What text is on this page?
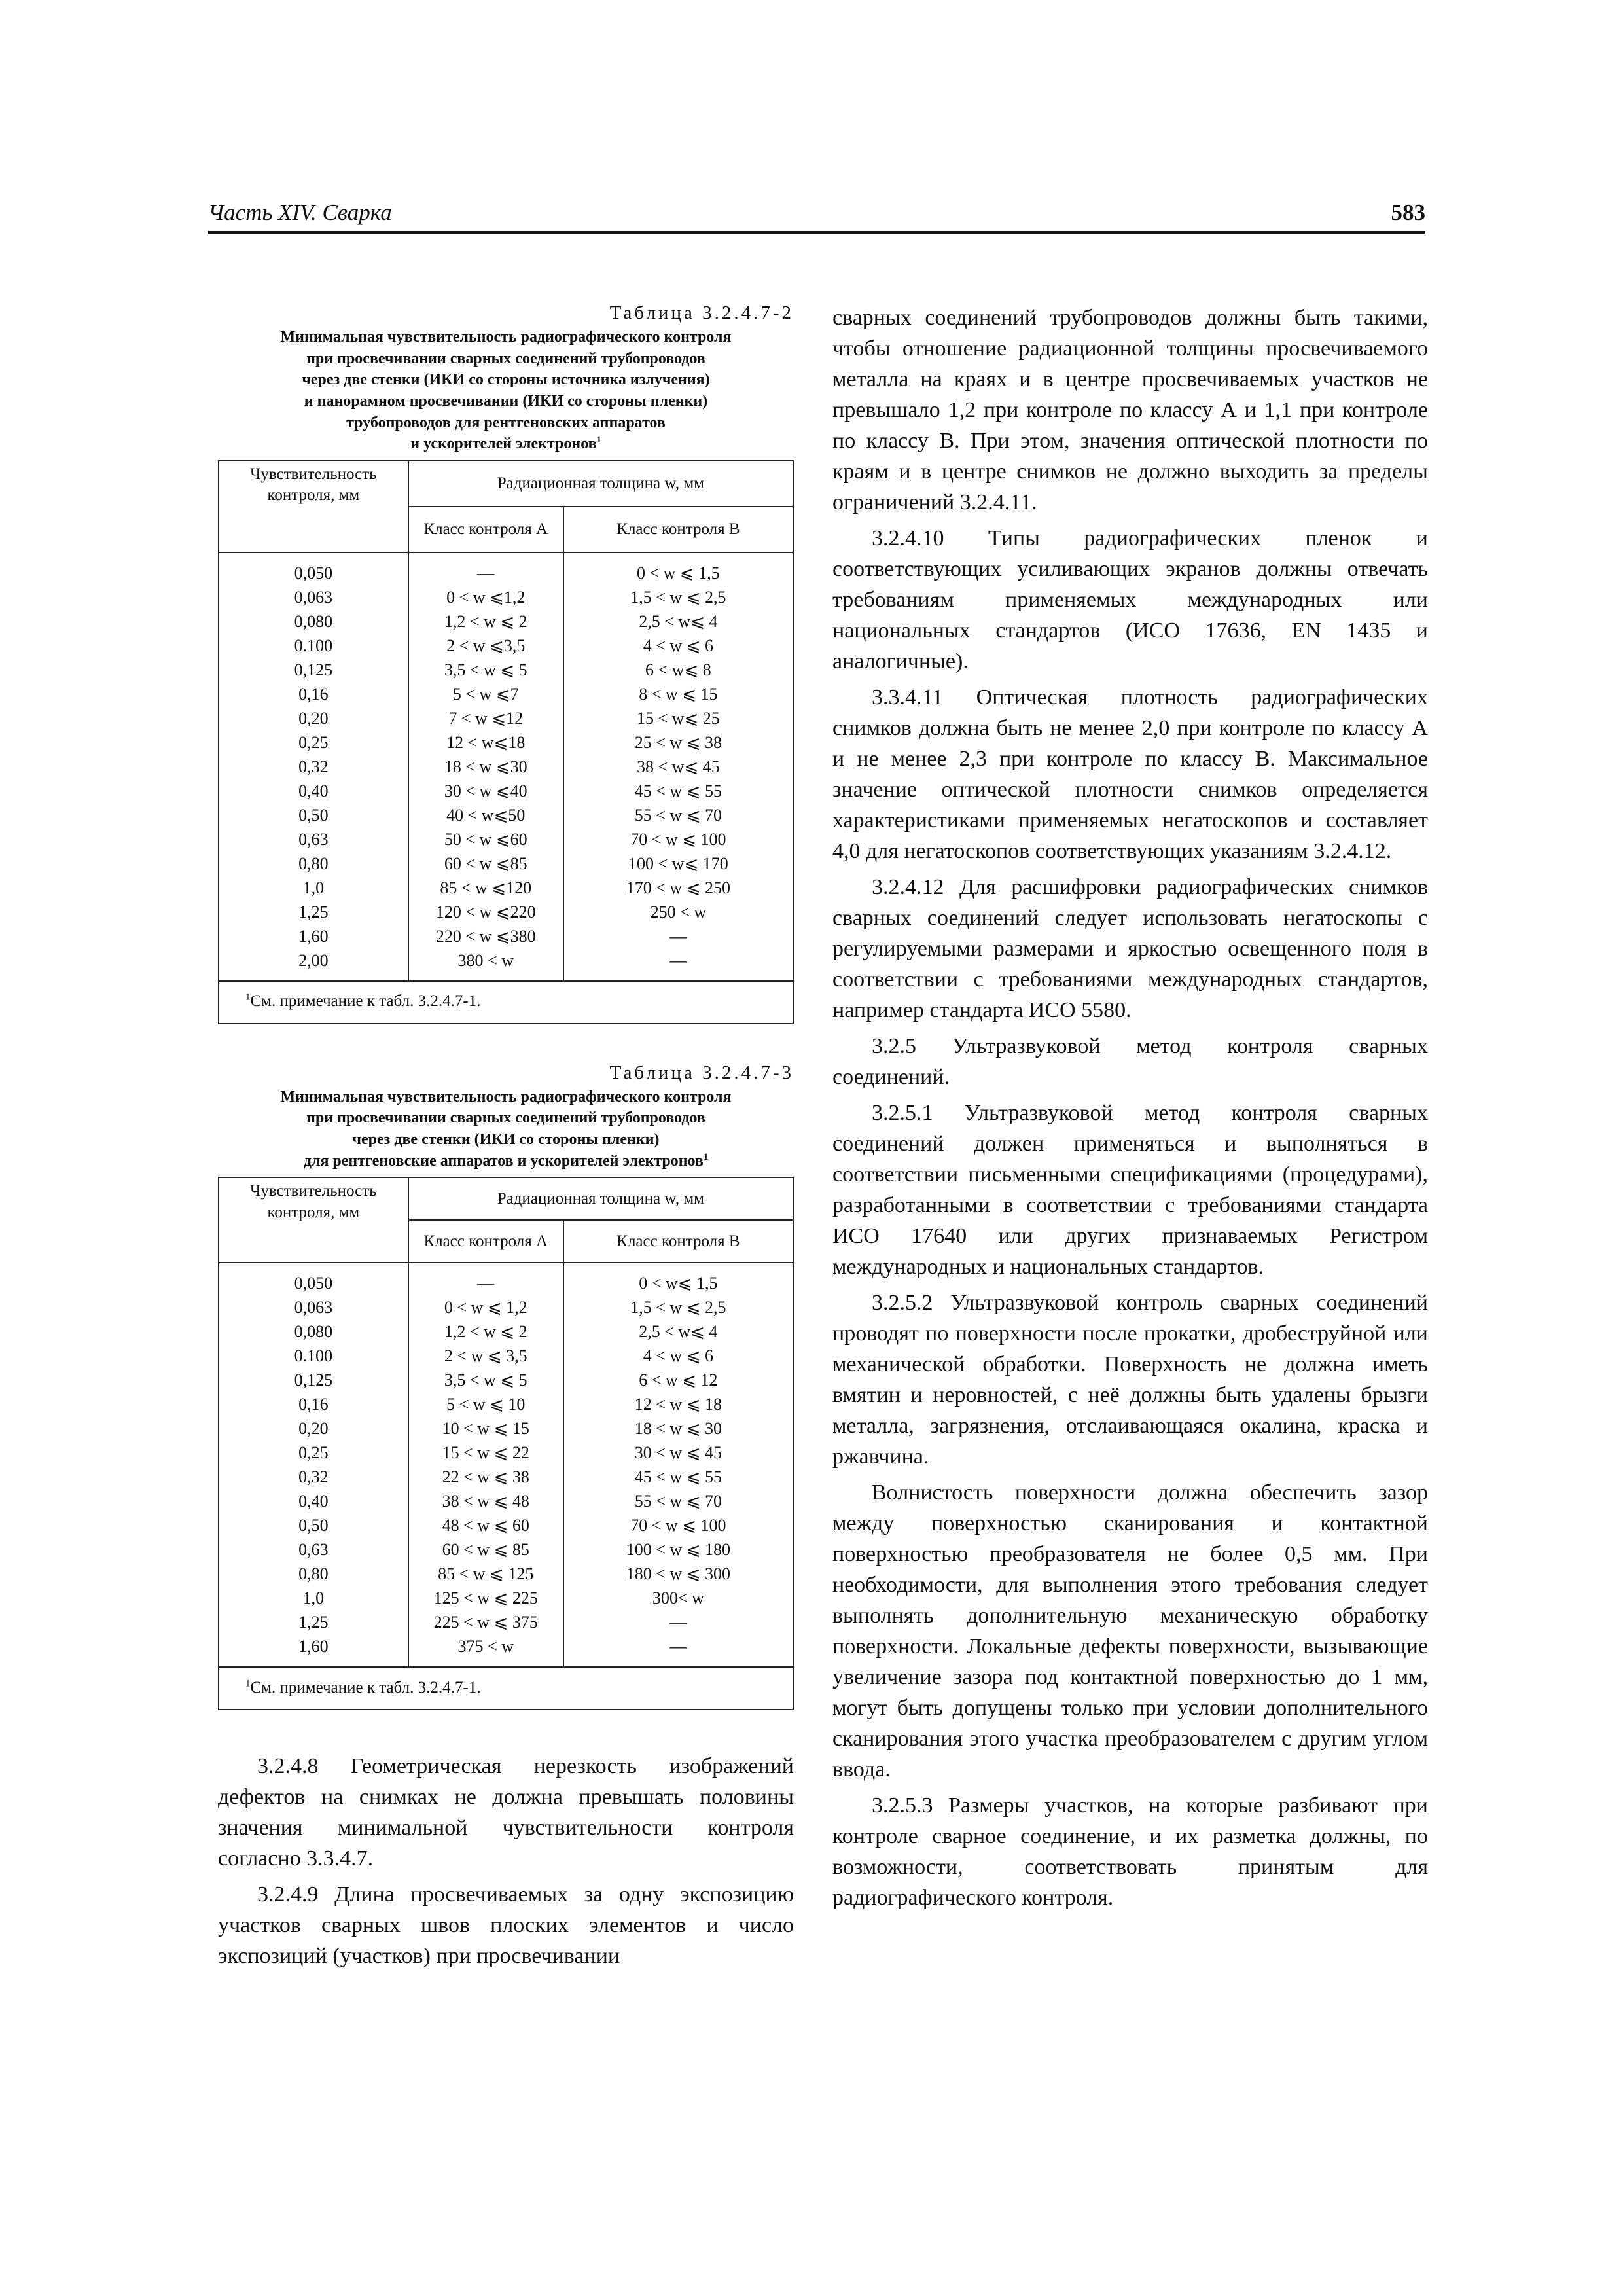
Часть XIV. Сварка	583
Таблица 3.2.4.7-2
Минимальная чувствительность радиографического контроля
при просвечивании сварных соединений трубопроводов
через две стенки (ИКИ со стороны источника излучения)
и панорамном просвечивании (ИКИ со стороны пленки)
трубопроводов для рентгеновских аппаратов
и ускорителей электронов$^1$
Чувствительность контроля, мм	Радиационная толщина w, мм	
	Класс контроля А	Класс контроля В
0,050	—	0 < w ⩽ 1,5
0,063	0 < w ⩽1,2	1,5 < w ⩽ 2,5
0,080	1,2 < w ⩽ 2	2,5 < w⩽ 4
0.100	2 < w ⩽3,5	4 < w ⩽ 6
0,125	3,5 < w ⩽ 5	6 < w⩽ 8
0,16	5 < w ⩽7	8 < w ⩽ 15
0,20	7 < w ⩽12	15 < w⩽ 25
0,25	12 < w⩽18	25 < w ⩽ 38
0,32	18 < w ⩽30	38 < w⩽ 45
0,40	30 < w ⩽40	45 < w ⩽ 55
0,50	40 < w⩽50	55 < w ⩽ 70
0,63	50 < w ⩽60	70 < w ⩽ 100
0,80	60 < w ⩽85	100 < w⩽ 170
1,0	85 < w ⩽120	170 < w ⩽ 250
1,25	120 < w ⩽220	250 < w
1,60	220 < w ⩽380	—
2,00	380 < w	—
$^1$См. примечание к табл. 3.2.4.7-1.		
Таблица 3.2.4.7-3
Минимальная чувствительность радиографического контроля
при просвечивании сварных соединений трубопроводов
через две стенки (ИКИ со стороны пленки)
для рентгеновские аппаратов и ускорителей электронов$^1$
Чувствительность контроля, мм	Радиационная толщина w, мм	
	Класс контроля А	Класс контроля В
0,050	—	0 < w⩽ 1,5
0,063	0 < w ⩽ 1,2	1,5 < w ⩽ 2,5
0,080	1,2 < w ⩽ 2	2,5 < w⩽ 4
0.100	2 < w ⩽ 3,5	4 < w ⩽ 6
0,125	3,5 < w ⩽ 5	6 < w ⩽ 12
0,16	5 < w ⩽ 10	12 < w ⩽ 18
0,20	10 < w ⩽ 15	18 < w ⩽ 30
0,25	15 < w ⩽ 22	30 < w ⩽ 45
0,32	22 < w ⩽ 38	45 < w ⩽ 55
0,40	38 < w ⩽ 48	55 < w ⩽ 70
0,50	48 < w ⩽ 60	70 < w ⩽ 100
0,63	60 < w ⩽ 85	100 < w ⩽ 180
0,80	85 < w ⩽ 125	180 < w ⩽ 300
1,0	125 < w ⩽ 225	300< w
1,25	225 < w ⩽ 375	—
1,60	375 < w	—
$^1$См. примечание к табл. 3.2.4.7-1.		

3.2.4.8 Геометрическая нерезкость изображений дефектов на снимках не должна превышать половины значения минимальной чувствительности контроля согласно 3.3.4.7.

3.2.4.9 Длина просвечиваемых за одну экспозицию участков сварных швов плоских элементов и число экспозиций (участков) при просвечивании

сварных соединений трубопроводов должны быть такими, чтобы отношение радиационной толщины просвечиваемого металла на краях и в центре просвечиваемых участков не превышало 1,2 при контроле по классу А и 1,1 при контроле по классу В. При этом, значения оптической плотности по краям и в центре снимков не должно выходить за пределы ограничений 3.2.4.11.

3.2.4.10 Типы радиографических пленок и соответствующих усиливающих экранов должны отвечать требованиям применяемых международных или национальных стандартов (ИСО 17636, EN 1435 и аналогичные).

3.3.4.11 Оптическая плотность радиографических снимков должна быть не менее 2,0 при контроле по классу А и не менее 2,3 при контроле по классу В. Максимальное значение оптической плотности снимков определяется характеристиками применяемых негатоскопов и составляет 4,0 для негатоскопов соответствующих указаниям 3.2.4.12.

3.2.4.12 Для расшифровки радиографических снимков сварных соединений следует использовать негатоскопы с регулируемыми размерами и яркостью освещенного поля в соответствии с требованиями международных стандартов, например стандарта ИСО 5580.

3.2.5 Ультразвуковой метод контроля сварных соединений.

3.2.5.1 Ультразвуковой метод контроля сварных соединений должен применяться и выполняться в соответствии письменными спецификациями (процедурами), разработанными в соответствии с требованиями стандарта ИСО 17640 или других признаваемых Регистром международных и национальных стандартов.

3.2.5.2 Ультразвуковой контроль сварных соединений проводят по поверхности после прокатки, дробеструйной или механической обработки. Поверхность не должна иметь вмятин и неровностей, с неё должны быть удалены брызги металла, загрязнения, отслаивающаяся окалина, краска и ржавчина.

Волнистость поверхности должна обеспечить зазор между поверхностью сканирования и контактной поверхностью преобразователя не более 0,5 мм. При необходимости, для выполнения этого требования следует выполнять дополнительную механическую обработку поверхности. Локальные дефекты поверхности, вызывающие увеличение зазора под контактной поверхностью до 1 мм, могут быть допущены только при условии дополнительного сканирования этого участка преобразователем с другим углом ввода.

3.2.5.3 Размеры участков, на которые разбивают при контроле сварное соединение, и их разметка должны, по возможности, соответствовать принятым для радиографического контроля.
